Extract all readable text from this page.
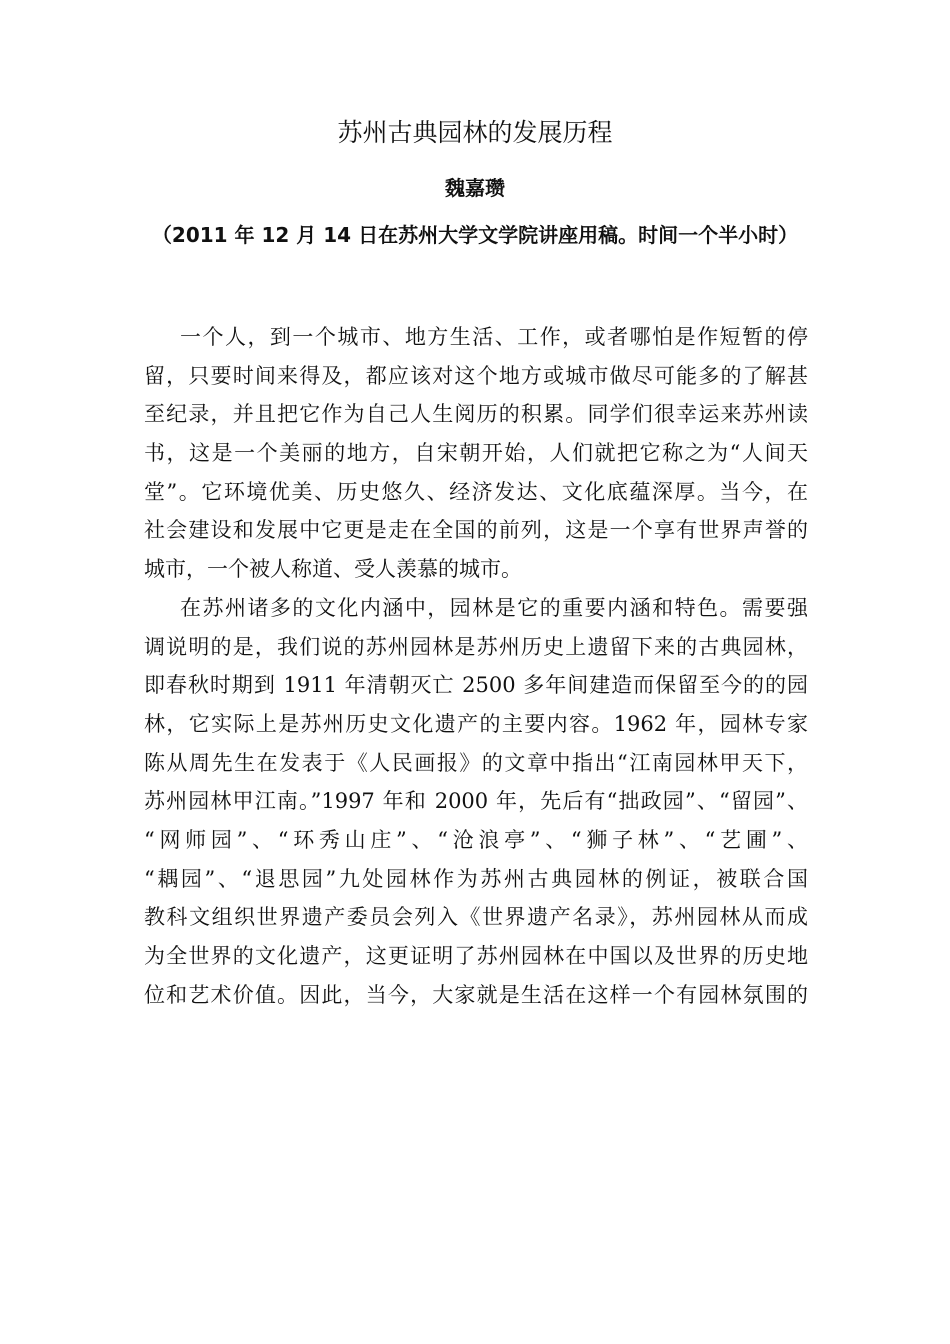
苏州古典园林的发展历程
魏嘉瓒
（2011 年 12 月 14 日在苏州大学文学院讲座用稿。时间一个半小时）
一个人，到一个城市、地方生活、工作，或者哪怕是作短暂的停
留，只要时间来得及，都应该对这个地方或城市做尽可能多的了解甚
至纪录，并且把它作为自己人生阅历的积累。同学们很幸运来苏州读
书，这是一个美丽的地方，自宋朝开始，人们就把它称之为“人间天
堂”。它环境优美、历史悠久、经济发达、文化底蕴深厚。当今，在
社会建设和发展中它更是走在全国的前列，这是一个享有世界声誉的
城市，一个被人称道、受人羡慕的城市。
在苏州诸多的文化内涵中，园林是它的重要内涵和特色。需要强
调说明的是，我们说的苏州园林是苏州历史上遗留下来的古典园林，
即春秋时期到 1911 年清朝灭亡 2500 多年间建造而保留至今的的园
林，它实际上是苏州历史文化遗产的主要内容。1962 年，园林专家
陈从周先生在发表于《人民画报》的文章中指出“江南园林甲天下，
苏州园林甲江南。”1997 年和 2000 年，先后有“拙政园”、“留园”、
“网师园”、“环秀山庄”、“沧浪亭”、“狮子林”、“艺圃”、
“耦园”、“退思园”九处园林作为苏州古典园林的例证，被联合国
教科文组织世界遗产委员会列入《世界遗产名录》，苏州园林从而成
为全世界的文化遗产，这更证明了苏州园林在中国以及世界的历史地
位和艺术价值。因此，当今，大家就是生活在这样一个有园林氛围的
